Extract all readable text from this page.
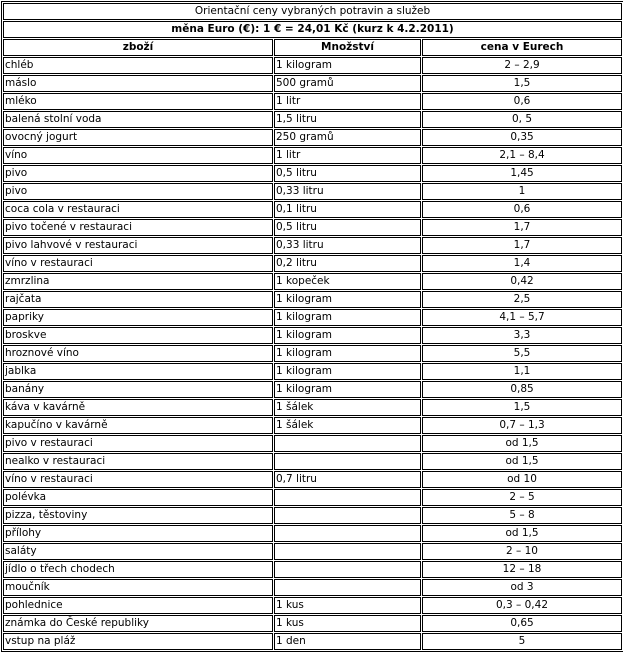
Orientační ceny vybraných potravin a služeb		
měna Euro (€): 1 € = 24,01 Kč (kurz k 4.2.2011)		
zboží	Množství	cena v Eurech
chléb	1 kilogram	2 – 2,9
máslo	500 gramů	1,5
mléko	1 litr	0,6
balená stolní voda	1,5 litru	0, 5
ovocný jogurt	250 gramů	0,35
víno	1 litr	2,1 – 8,4
pivo	0,5 litru	1,45
pivo	0,33 litru	1
coca cola v restauraci	0,1 litru	0,6
pivo točené v restauraci	0,5 litru	1,7
pivo lahvové v restauraci	0,33 litru	1,7
víno v restauraci	0,2 litru	1,4
zmrzlina	1 kopeček	0,42
rajčata	1 kilogram	2,5
papriky	1 kilogram	4,1 – 5,7
broskve	1 kilogram	3,3
hroznové víno	1 kilogram	5,5
jablka	1 kilogram	1,1
banány	1 kilogram	0,85
káva v kavárně	1 šálek	1,5
kapučíno v kavárně	1 šálek	0,7 – 1,3
pivo v restauraci		od 1,5
nealko v restauraci		od 1,5
víno v restauraci	0,7 litru	od 10
polévka		2 – 5
pizza, těstoviny		5 – 8
přílohy		od 1,5
saláty		2 – 10
jídlo o třech chodech		12 – 18
moučník		od 3
pohlednice	1 kus	0,3 – 0,42
známka do České republiky	1 kus	0,65
vstup na pláž	1 den	5
